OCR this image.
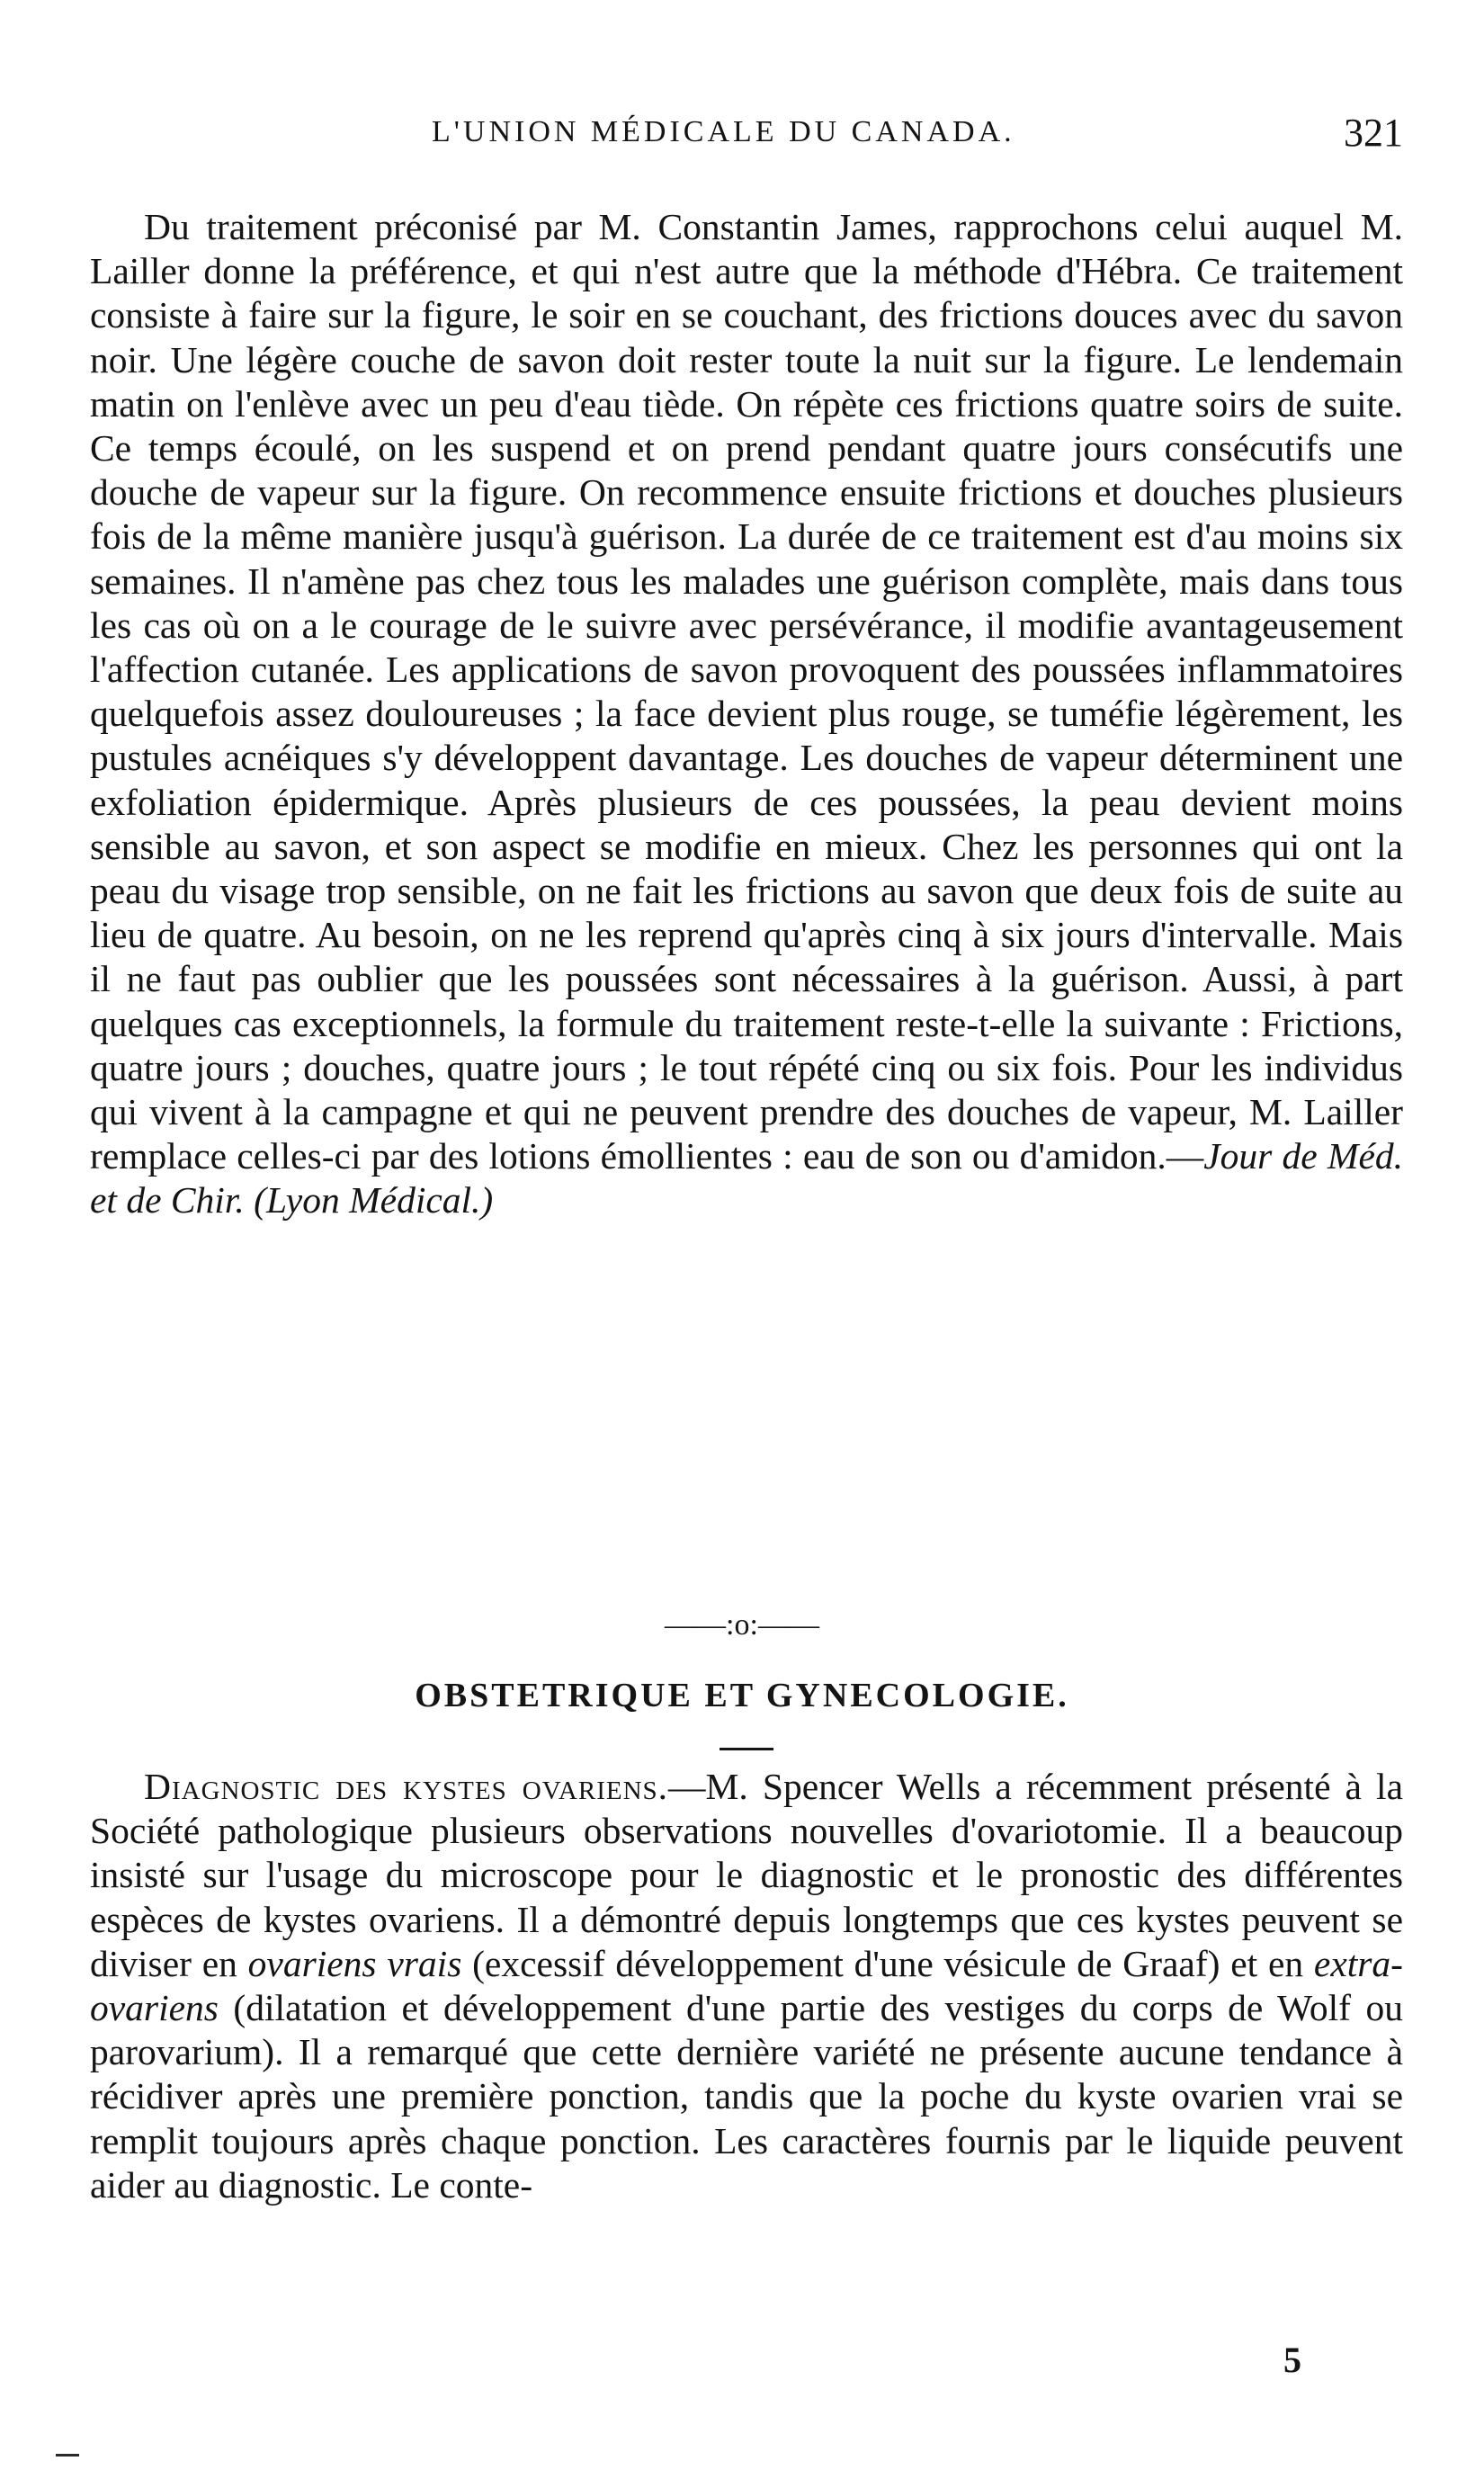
L'UNION MÉDICALE DU CANADA.	321
Du traitement préconisé par M. Constantin James, rapprochons celui auquel M. Lailler donne la préférence, et qui n'est autre que la méthode d'Hébra. Ce traitement consiste à faire sur la figure, le soir en se couchant, des frictions douces avec du savon noir. Une légère couche de savon doit rester toute la nuit sur la figure. Le lendemain matin on l'enlève avec un peu d'eau tiède. On répète ces frictions quatre soirs de suite. Ce temps écoulé, on les suspend et on prend pendant quatre jours consécutifs une douche de vapeur sur la figure. On recommence ensuite frictions et douches plusieurs fois de la même manière jusqu'à guérison. La durée de ce traitement est d'au moins six semaines. Il n'amène pas chez tous les malades une guérison complète, mais dans tous les cas où on a le courage de le suivre avec persévérance, il modifie avantageusement l'affection cutanée. Les applications de savon provoquent des poussées inflammatoires quelquefois assez douloureuses ; la face devient plus rouge, se tuméfie légèrement, les pustules acnéiques s'y développent davantage. Les douches de vapeur déterminent une exfoliation épidermique. Après plusieurs de ces poussées, la peau devient moins sensible au savon, et son aspect se modifie en mieux. Chez les personnes qui ont la peau du visage trop sensible, on ne fait les frictions au savon que deux fois de suite au lieu de quatre. Au besoin, on ne les reprend qu'après cinq à six jours d'intervalle. Mais il ne faut pas oublier que les poussées sont nécessaires à la guérison. Aussi, à part quelques cas exceptionnels, la formule du traitement reste-t-elle la suivante : Frictions, quatre jours ; douches, quatre jours ; le tout répété cinq ou six fois. Pour les individus qui vivent à la campagne et qui ne peuvent prendre des douches de vapeur, M. Lailler remplace celles-ci par des lotions émollientes : eau de son ou d'amidon.—Jour de Méd. et de Chir. (Lyon Médical.)
——:o:——
OBSTETRIQUE ET GYNECOLOGIE.
Diagnostic des kystes ovariens.—M. Spencer Wells a récemment présenté à la Société pathologique plusieurs observations nouvelles d'ovariotomie. Il a beaucoup insisté sur l'usage du microscope pour le diagnostic et le pronostic des différentes espèces de kystes ovariens. Il a démontré depuis longtemps que ces kystes peuvent se diviser en ovariens vrais (excessif développement d'une vésicule de Graaf) et en extra-ovariens (dilatation et développement d'une partie des vestiges du corps de Wolf ou parovarium). Il a remarqué que cette dernière variété ne présente aucune tendance à récidiver après une première ponction, tandis que la poche du kyste ovarien vrai se remplit toujours après chaque ponction. Les caractères fournis par le liquide peuvent aider au diagnostic. Le conte-
5
